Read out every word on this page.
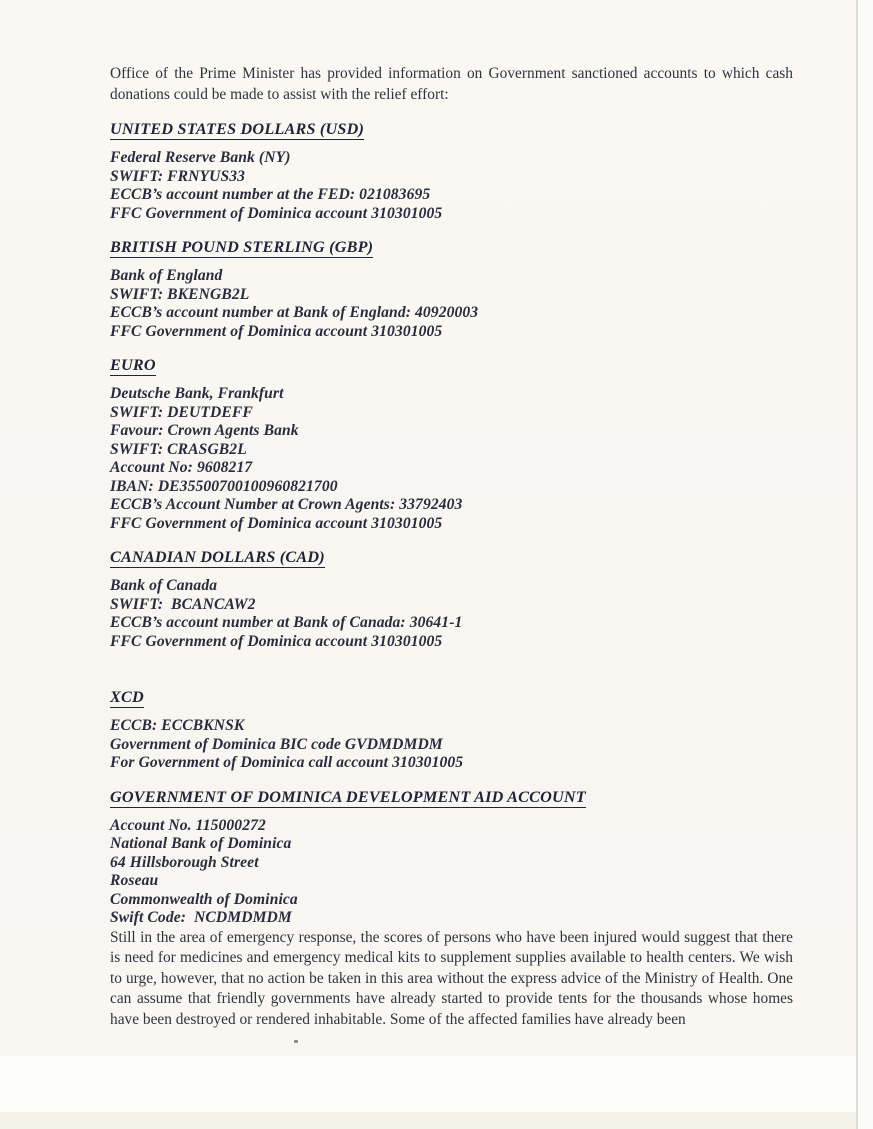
Office of the Prime Minister has provided information on Government sanctioned accounts to which cash donations could be made to assist with the relief effort:

UNITED STATES DOLLARS (USD)
Federal Reserve Bank (NY)
SWIFT: FRNYUS33
ECCB’s account number at the FED: 021083695
FFC Government of Dominica account 310301005
BRITISH POUND STERLING (GBP)
Bank of England
SWIFT: BKENGB2L
ECCB’s account number at Bank of England: 40920003
FFC Government of Dominica account 310301005
EURO
Deutsche Bank, Frankfurt
SWIFT: DEUTDEFF
Favour: Crown Agents Bank
SWIFT: CRASGB2L
Account No: 9608217
IBAN: DE35500700100960821700
ECCB’s Account Number at Crown Agents: 33792403
FFC Government of Dominica account 310301005
CANADIAN DOLLARS (CAD)
Bank of Canada
SWIFT:  BCANCAW2
ECCB’s account number at Bank of Canada: 30641-1
FFC Government of Dominica account 310301005
XCD
ECCB: ECCBKNSK
Government of Dominica BIC code GVDMDMDM
For Government of Dominica call account 310301005
GOVERNMENT OF DOMINICA DEVELOPMENT AID ACCOUNT
Account No. 115000272
National Bank of Dominica
64 Hillsborough Street
Roseau
Commonwealth of Dominica
Swift Code:  NCDMDMDM

Still in the area of emergency response, the scores of persons who have been injured would suggest that there is need for medicines and emergency medical kits to supplement supplies available to health centers. We wish to urge, however, that no action be taken in this area without the express advice of the Ministry of Health. One can assume that friendly governments have already started to provide tents for the thousands whose homes have been destroyed or rendered inhabitable. Some of the affected families have already been
